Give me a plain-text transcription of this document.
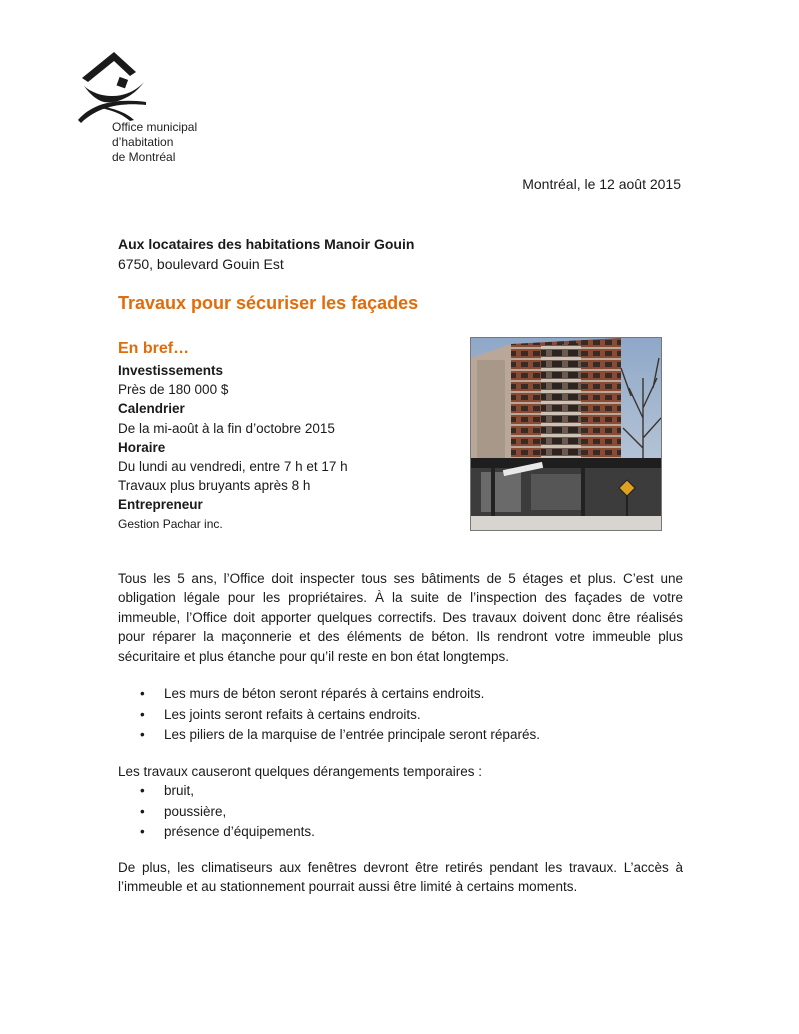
Office municipal
d’habitation
de Montréal
Montréal, le 12 août 2015
Aux locataires des habitations Manoir Gouin
6750, boulevard Gouin Est
Travaux pour sécuriser les façades
En bref…
Investissements
Près de 180 000 $
Calendrier
De la mi-août à la fin d’octobre 2015
Horaire
Du lundi au vendredi, entre 7 h et 17 h
Travaux plus bruyants après 8 h
Entrepreneur
Gestion Pachar inc.
Tous les 5 ans, l’Office doit inspecter tous ses bâtiments de 5 étages et plus. C’est une obligation légale pour les propriétaires. À la suite de l’inspection des façades de votre immeuble, l’Office doit apporter quelques correctifs. Des travaux doivent donc être réalisés pour réparer la maçonnerie et des éléments de béton. Ils rendront votre immeuble plus sécuritaire et plus étanche pour qu’il reste en bon état longtemps.
• Les murs de béton seront réparés à certains endroits.
• Les joints seront refaits à certains endroits.
• Les piliers de la marquise de l’entrée principale seront réparés.
Les travaux causeront quelques dérangements temporaires :
• bruit,
• poussière,
• présence d’équipements.
De plus, les climatiseurs aux fenêtres devront être retirés pendant les travaux. L’accès à l’immeuble et au stationnement pourrait aussi être limité à certains moments.
